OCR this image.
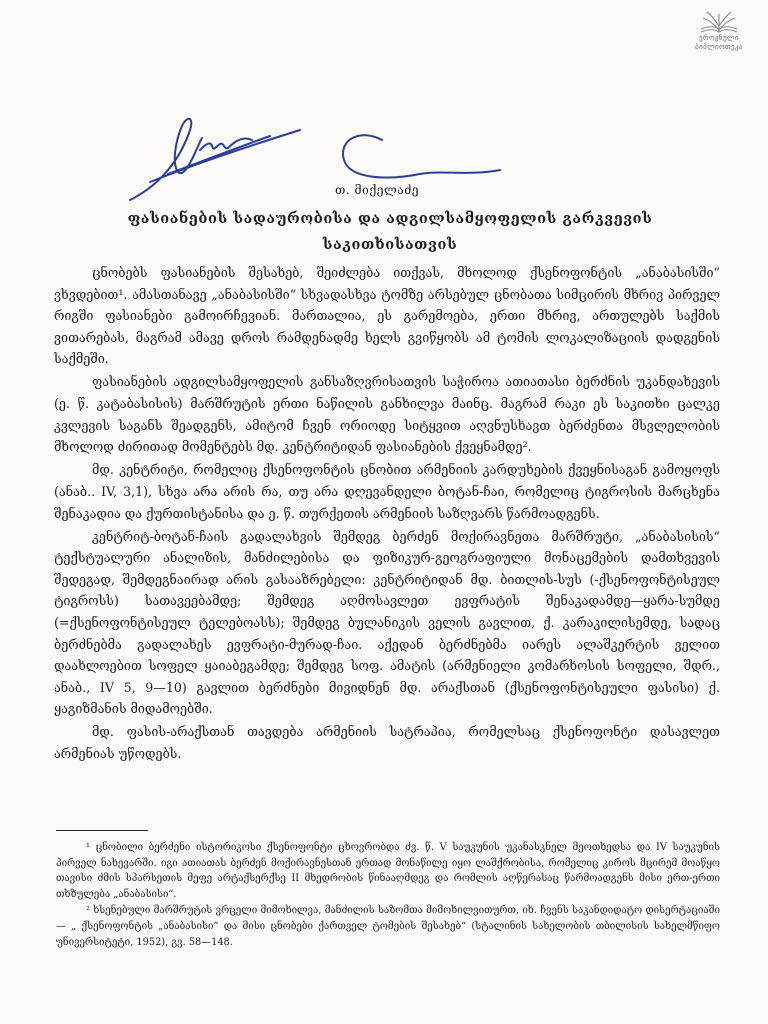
ეროვნული
ბიბლიოთეკა
თ. მიქელაძე
ფასიანების სადაურობისა და ადგილსამყოფელის გარკვევის საკითხისათვის

ცნობებს ფასიანების შესახებ, შეიძლება ითქვას, მხოლოდ ქსენოფონტის „ანაბასისში“ ვხვდებით¹. ამასთანავე „ანაბასისში“ სხვადასხვა ტომზე არსებულ ცნობათა სიმცირის მხრივ პირველ რიგში ფასიანები გამოირჩევიან. მართალია, ეს გარემოება, ერთი მხრივ, ართულებს საქმის ვითარებას, მაგრამ ამავე დროს რამდენადმე ხელს გვიწყობს ამ ტომის ლოკალიზაციის დადგენის საქმეში.

ფასიანების ადგილსამყოფელის განსაზღვრისათვის საჭიროა ათიათასი ბერძნის უკანდახევის (ე. წ. კატაბასისის) მარშრუტის ერთი ნაწილის განხილვა მაინც. მაგრამ რაკი ეს საკითხი ცალკე კვლევის საგანს შეადგენს, ამიტომ ჩვენ ორიოდე სიტყვით აღვნუსხავთ ბერძენთა მსვლელობის მხოლოდ ძირითად მომენტებს მდ. კენტრიტიდან ფასიანების ქვეყნამდე².

მდ. კენტრიტი, რომელიც ქსენოფონტის ცნობით არმენიის კარდუხების ქვეყნისაგან გამოყოფს (ანაბ.. IV, 3,1), სხვა არა არის რა, თუ არა დღევანდელი ბოტან-ჩაი, რომელიც ტიგროსის მარცხენა შენაკადია და ქურთისტანისა და ე. წ. თურქეთის არმენიის საზღვარს წარმოადგენს.

კენტრიტ-ბოტან-ჩაის გადალახვის შემდეგ ბერძენ მოქირავნეთა მარშრუტი, „ანაბასისის“ ტექსტუალური ანალიზის, მანძილებისა და ფიზიკურ-გეოგრაფიული მონაცემების დამთხვევის შედეგად, შემდეგნაირად არის გასააზრებელი: კენტრიტიდან მდ. ბითლის-სუს (-ქსენოფონტისეულ ტიგროსს) სათავეებამდე; შემდეგ აღმოსავლეთ ევფრატის შენაკადამდე—ყარა-სუმდე (=ქსენოფონტისეულ ტელებოასს); შემდეგ ბულანიკის ველის გავლით, ქ. კარაკილისემდე, სადაც ბერძნებმა გადალახეს ევფრატი-მურად-ჩაი. აქედან ბერძნებმა იარეს ალაშკერტის ველით დაახლოებით სოფელ ყაიაბეგამდე; შემდეგ სოფ. ამატის (არმენიელი კომარხოსის სოფელი, შდრ., ანაბ., IV 5, 9—10) გავლით ბერძნები მივიდნენ მდ. არაქსთან (ქსენოფონტისეული ფასისი) ქ. ყაგიზმანის მიდამოებში.

მდ. ფასის-არაქსთან თავდება არმენიის სატრაპია, რომელსაც ქსენოფონტი დასავლეთ არმენიას უწოდებს.

¹ ცნობილი ბერძენი ისტორიკოსი ქსენოფონტი ცხოვრობდა ძვ. წ. V საუკუნის უკანასკნელ მეოთხედსა და IV საუკუნის პირველ ნახევარში. იგი ათიათას ბერძენ მოქირავნესთან ერთად მონაწილე იყო ლაშქრობისა, რომელიც კიროს მცირემ მოაწყო თავისი ძმის სპარსეთის მეფე არტაქსერქსე II მხედრობის წინააღმდეგ და რომლის აღწერასაც წარმოადგენს მისი ერთ-ერთი თხზულება „ანაბასისი“.

² ხსენებული მარშრუტის ვრცელი მიმოხილვა, მანძილის საზომთა მიმოხილვითურთ, იხ. ჩვენს საკანდიდატო დისერტაციაში— „ ქსენოფონტის „ანაბასისი“ და მისი ცნობები ქართველ ტომების შესახებ“ (სტალინის სახელობის თბილისის სახელმწიფო უნივერსიტეტი, 1952), გვ. 58—148.
